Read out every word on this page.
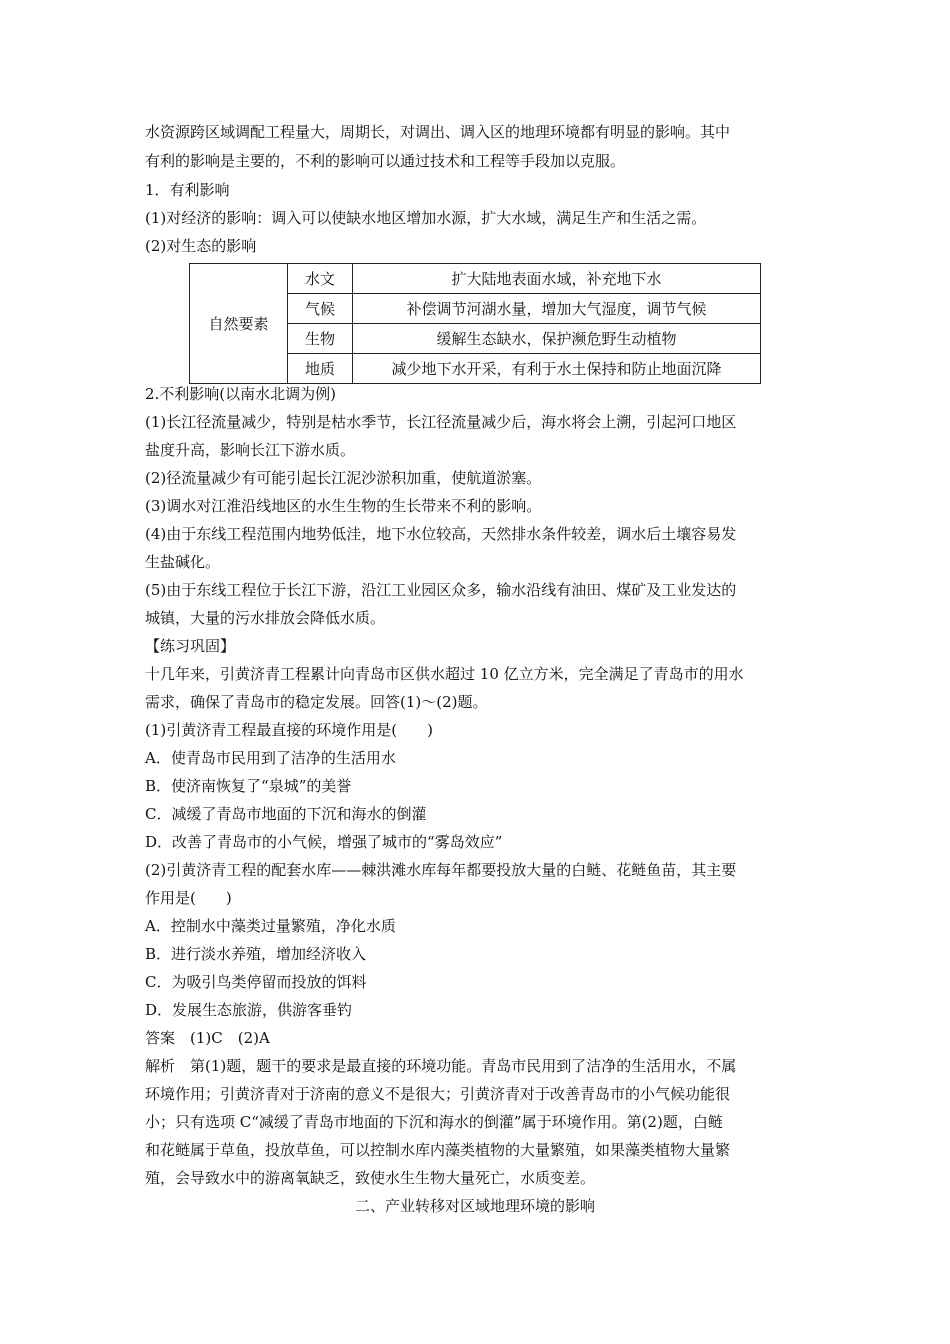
水资源跨区域调配工程量大，周期长，对调出、调入区的地理环境都有明显的影响。其中
有利的影响是主要的，不利的影响可以通过技术和工程等手段加以克服。
1．有利影响
(1)对经济的影响：调入可以使缺水地区增加水源，扩大水域，满足生产和生活之需。
(2)对生态的影响
自然要素	水文	扩大陆地表面水域，补充地下水
	气候	补偿调节河湖水量，增加大气湿度，调节气候
	生物	缓解生态缺水，保护濒危野生动植物
	地质	减少地下水开采，有利于水土保持和防止地面沉降
2.不利影响(以南水北调为例)
(1)长江径流量减少，特别是枯水季节，长江径流量减少后，海水将会上溯，引起河口地区
盐度升高，影响长江下游水质。
(2)径流量减少有可能引起长江泥沙淤积加重，使航道淤塞。
(3)调水对江淮沿线地区的水生生物的生长带来不利的影响。
(4)由于东线工程范围内地势低洼，地下水位较高，天然排水条件较差，调水后土壤容易发
生盐碱化。
(5)由于东线工程位于长江下游，沿江工业园区众多，输水沿线有油田、煤矿及工业发达的
城镇，大量的污水排放会降低水质。
【练习巩固】
十几年来，引黄济青工程累计向青岛市区供水超过 10 亿立方米，完全满足了青岛市的用水
需求，确保了青岛市的稳定发展。回答(1)～(2)题。
(1)引黄济青工程最直接的环境作用是(　　)
A．使青岛市民用到了洁净的生活用水
B．使济南恢复了“泉城”的美誉
C．减缓了青岛市地面的下沉和海水的倒灌
D．改善了青岛市的小气候，增强了城市的“雾岛效应”
(2)引黄济青工程的配套水库——棘洪滩水库每年都要投放大量的白鲢、花鲢鱼苗，其主要
作用是(　　)
A．控制水中藻类过量繁殖，净化水质
B．进行淡水养殖，增加经济收入
C．为吸引鸟类停留而投放的饵料
D．发展生态旅游，供游客垂钓
答案　(1)C　(2)A
解析　第(1)题，题干的要求是最直接的环境功能。青岛市民用到了洁净的生活用水，不属
环境作用；引黄济青对于济南的意义不是很大；引黄济青对于改善青岛市的小气候功能很
小；只有选项 C“减缓了青岛市地面的下沉和海水的倒灌”属于环境作用。第(2)题，白鲢
和花鲢属于草鱼，投放草鱼，可以控制水库内藻类植物的大量繁殖，如果藻类植物大量繁
殖，会导致水中的游离氧缺乏，致使水生生物大量死亡，水质变差。
二、产业转移对区域地理环境的影响
